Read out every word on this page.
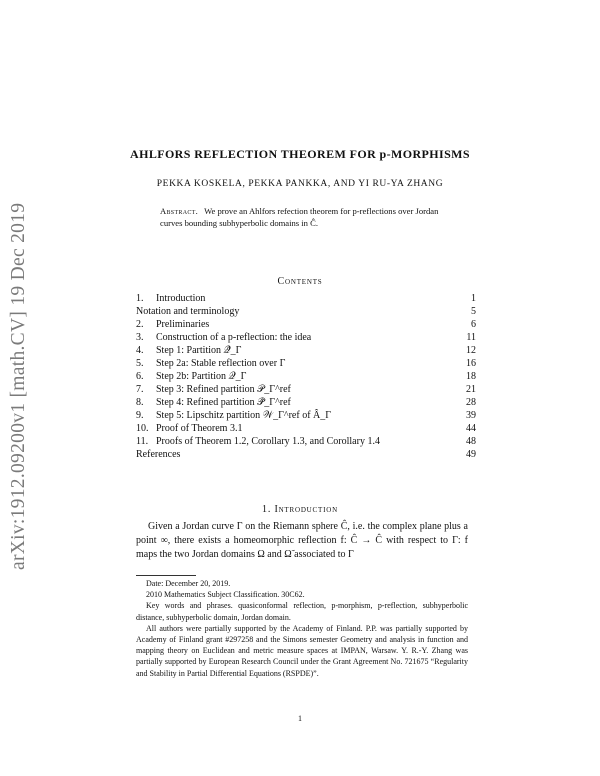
arXiv:1912.09200v1 [math.CV] 19 Dec 2019
AHLFORS REFLECTION THEOREM FOR p-MORPHISMS
PEKKA KOSKELA, PEKKA PANKKA, AND YI RU-YA ZHANG
Abstract. We prove an Ahlfors refection theorem for p-reflections over Jordan curves bounding subhyperbolic domains in Ĉ.
Contents
1. Introduction	1
Notation and terminology	5
2. Preliminaries	6
3. Construction of a p-reflection: the idea	11
4. Step 1: Partition 𝒬̂_Γ	12
5. Step 2a: Stable reflection over Γ	16
6. Step 2b: Partition 𝒬_Γ	18
7. Step 3: Refined partition 𝒫_Γ^ref	21
8. Step 4: Refined partition 𝒫̂_Γ^ref	28
9. Step 5: Lipschitz partition 𝒲_Γ^ref of Â_Γ	39
10. Proof of Theorem 3.1	44
11. Proofs of Theorem 1.2, Corollary 1.3, and Corollary 1.4	48
References	49
1. Introduction

Given a Jordan curve Γ on the Riemann sphere Ĉ, i.e. the complex plane plus a point ∞, there exists a homeomorphic reflection f: Ĉ → Ĉ with respect to Γ: f maps the two Jordan domains Ω and Ω̃ associated to Γ

Date: December 20, 2019.

2010 Mathematics Subject Classification. 30C62.

Key words and phrases. quasiconformal reflection, p-morphism, p-reflection, subhyperbolic distance, subhyperbolic domain, Jordan domain.

All authors were partially supported by the Academy of Finland. P.P. was partially supported by Academy of Finland grant #297258 and the Simons semester Geometry and analysis in function and mapping theory on Euclidean and metric measure spaces at IMPAN, Warsaw. Y. R.-Y. Zhang was partially supported by European Research Council under the Grant Agreement No. 721675 “Regularity and Stability in Partial Differential Equations (RSPDE)”.

1
